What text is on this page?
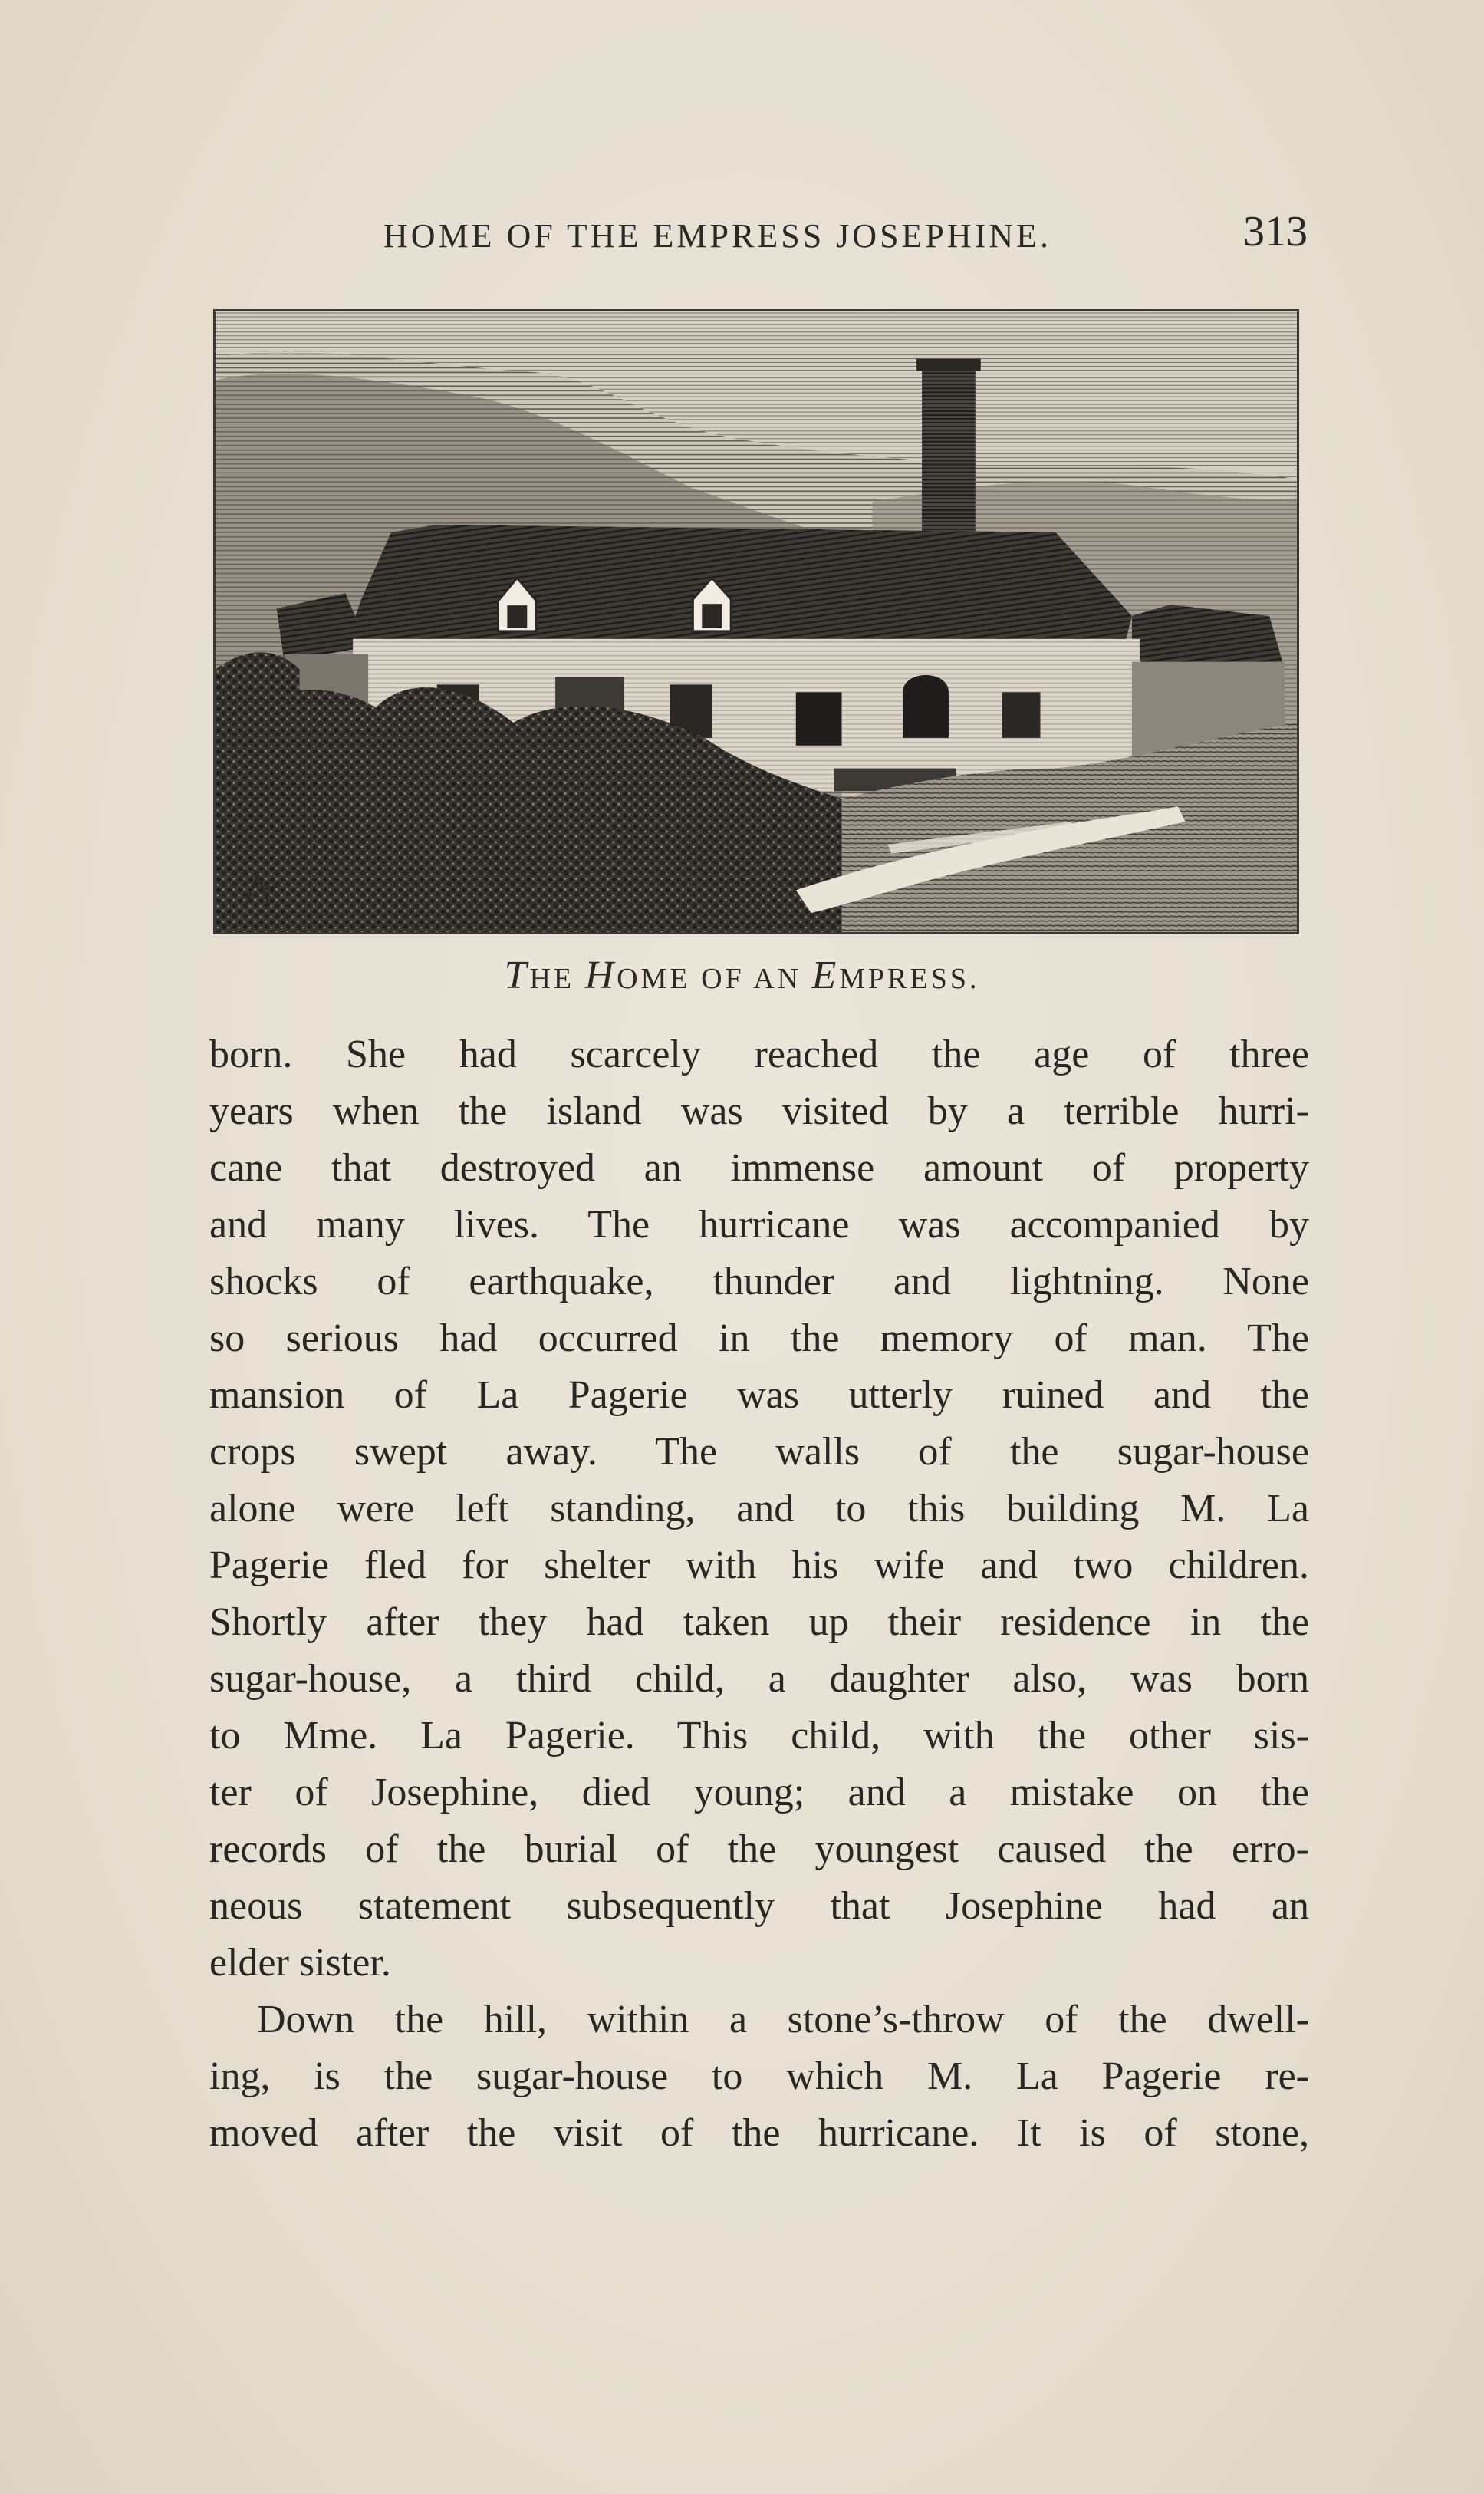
HOME OF THE EMPRESS JOSEPHINE.	313
THE HOME OF AN EMPRESS.
born. She had scarcely reached the age of three
years when the island was visited by a terrible hurri-
cane that destroyed an immense amount of property
and many lives. The hurricane was accompanied by
shocks of earthquake, thunder and lightning. None
so serious had occurred in the memory of man. The
mansion of La Pagerie was utterly ruined and the
crops swept away. The walls of the sugar-house
alone were left standing, and to this building M. La
Pagerie fled for shelter with his wife and two children.
Shortly after they had taken up their residence in the
sugar-house, a third child, a daughter also, was born
to Mme. La Pagerie. This child, with the other sis-
ter of Josephine, died young; and a mistake on the
records of the burial of the youngest caused the erro-
neous statement subsequently that Josephine had an
elder sister.
Down the hill, within a stone’s-throw of the dwell-
ing, is the sugar-house to which M. La Pagerie re-
moved after the visit of the hurricane. It is of stone,
